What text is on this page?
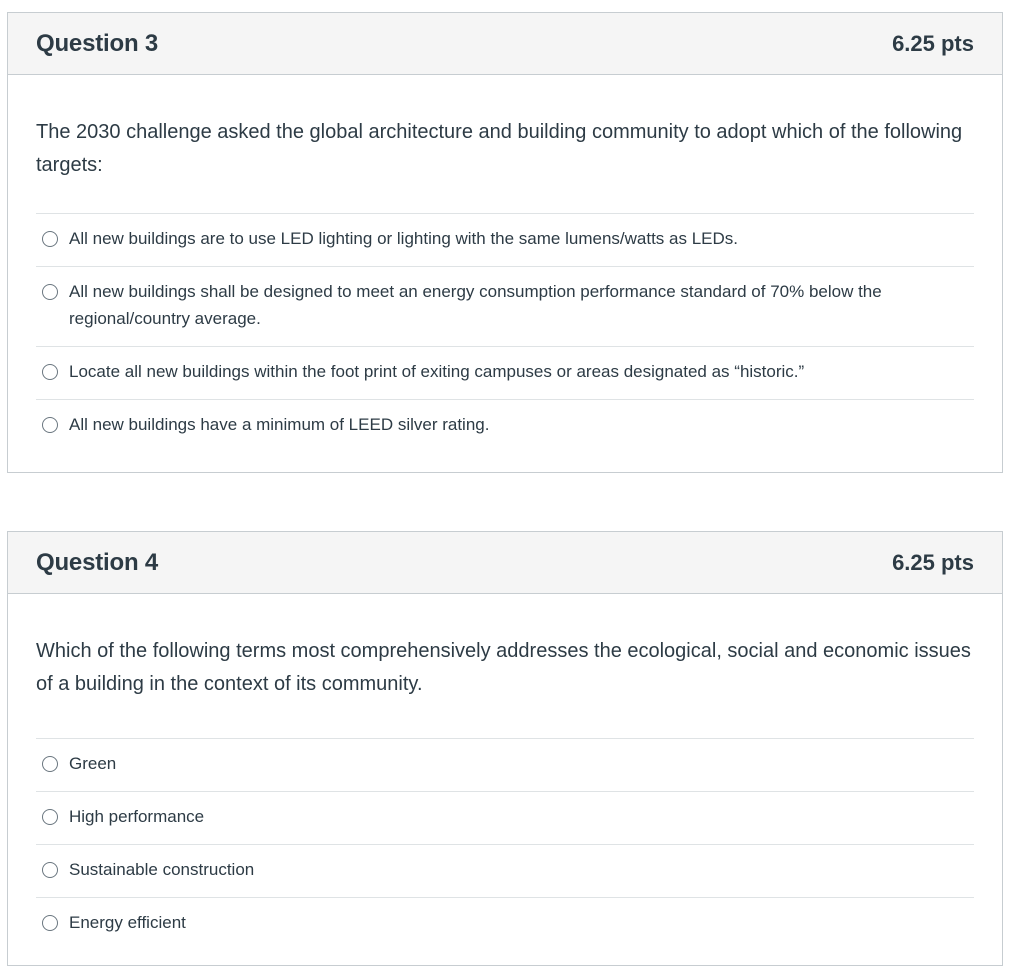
Question 3	6.25 pts

The 2030 challenge asked the global architecture and building community to adopt which of the following targets:

All new buildings are to use LED lighting or lighting with the same lumens/watts as LEDs.
All new buildings shall be designed to meet an energy consumption performance standard of 70% below the regional/country average.
Locate all new buildings within the foot print of exiting campuses or areas designated as “historic.”
All new buildings have a minimum of LEED silver rating.
Question 4	6.25 pts

Which of the following terms most comprehensively addresses the ecological, social and economic issues of a building in the context of its community.

Green
High performance
Sustainable construction
Energy efficient
